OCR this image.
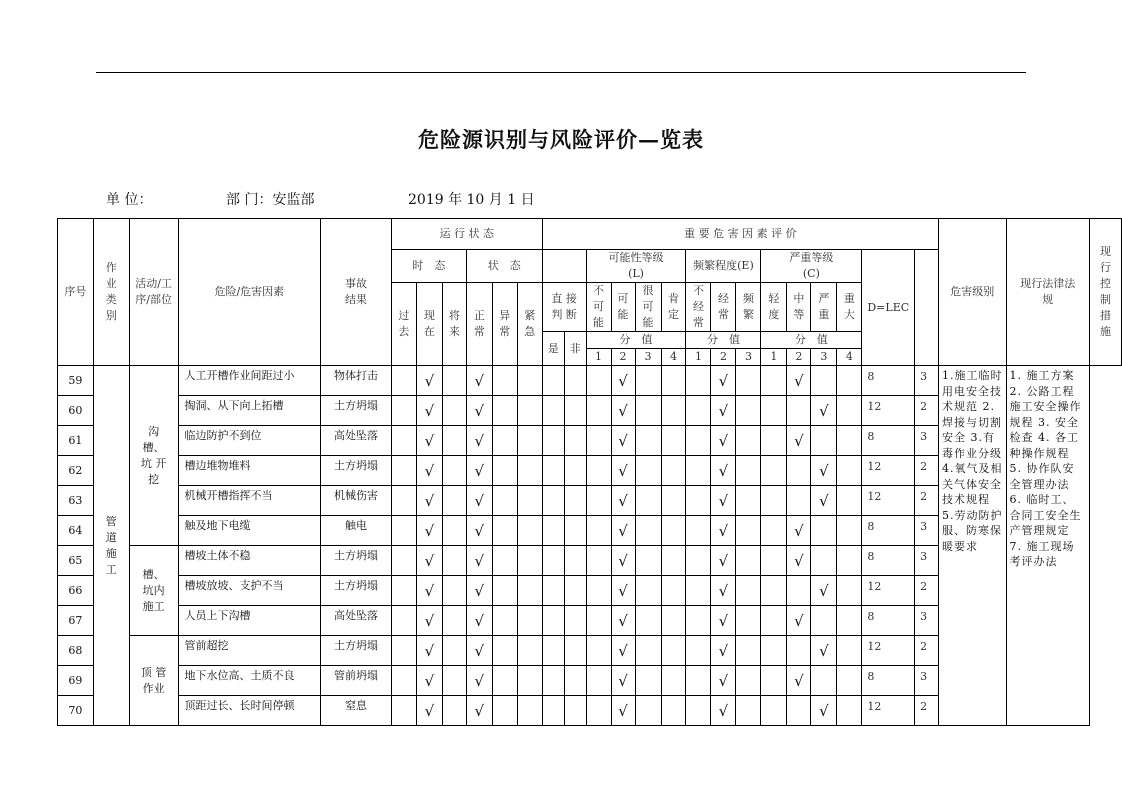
危险源识别与风险评价—览表
单 位：	部 门：安监部	2019 年 10 月 1 日
序号	作业类别	活动/工序/部位	危险/危害因素	事故结果	运 行 状 态						重 要 危 害 因 素 评 价															危害级别	现行法律法规	现行控制措施
					时　态			状　态					可能性等级(L)				频繁程度(E)			严重等级(C)				D=LEC				
					过去	现在	将来	正常	异常	紧急	直 接 判 断		不可能	可能	很可能	肯定	不经常	经常	频繁	轻度	中等	严重	重大					
											是	非	分　值				分　值			分　值								
													1	2	3	4	1	2	3	1	2	3	4					
59	管道施工	沟槽、坑 开挖	人工开槽作业间距过小	物体打击		√		√						√				√			√			8	3	1.施工临时用电安全技术规范 2.焊接与切割安全 3.有毒作业分级 4.氧气及相关气体安全技术规程 5.劳动防护服、防寒保暖要求	1. 施工方案 2. 公路工程施工安全操作规程 3. 安全检查 4. 各工种操作规程 5. 协作队安全管理办法 6. 临时工、合同工安全生产管理规定 7. 施工现场考评办法	
60			掏洞、从下向上拓槽	土方坍塌		√		√						√				√				√		12	2			
61			临边防护不到位	高处坠落		√		√						√				√			√			8	3			
62			槽边堆物堆料	土方坍塌		√		√						√				√				√		12	2			
63			机械开槽指挥不当	机械伤害		√		√						√				√				√		12	2			
64			触及地下电缆	触电		√		√						√				√			√			8	3			
65		槽、坑内 施工	槽坡土体不稳	土方坍塌		√		√						√				√			√			8	3			
66			槽坡放坡、支护不当	土方坍塌		√		√						√				√				√		12	2			
67			人员上下沟槽	高处坠落		√		√						√				√			√			8	3			
68		顶 管 作业	管前超挖	土方坍塌		√		√						√				√				√		12	2			
69			地下水位高、土质不良	管前坍塌		√		√						√				√			√			8	3			
70			顶距过长、长时间停顿	窒息		√		√						√				√				√		12	2			
